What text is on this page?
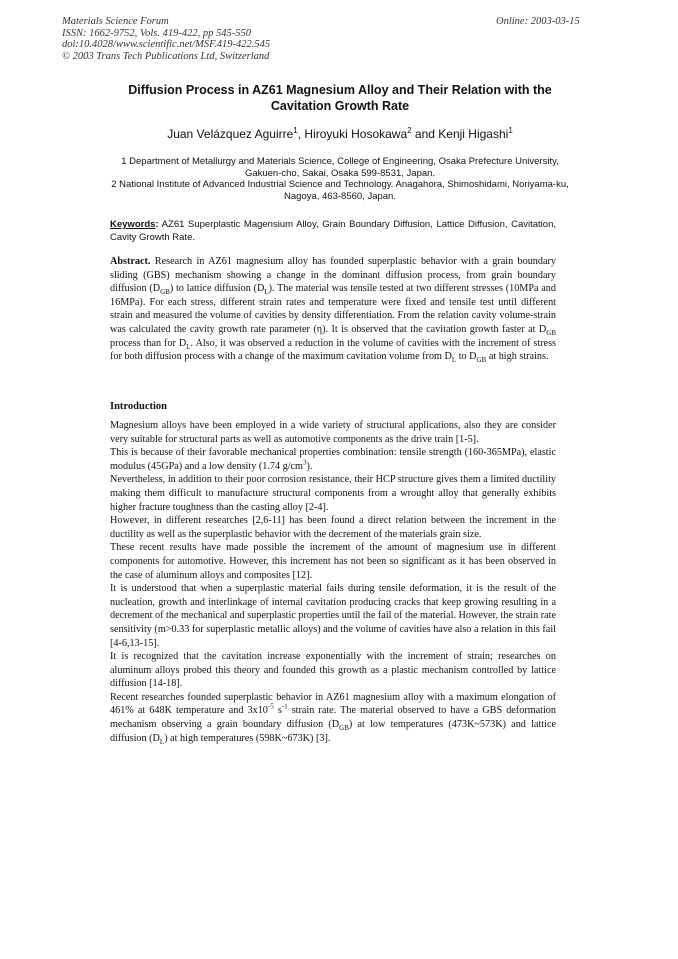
Materials Science Forum
ISSN: 1662-9752, Vols. 419-422, pp 545-550
doi:10.4028/www.scientific.net/MSF.419-422.545
© 2003 Trans Tech Publications Ltd, Switzerland
Online: 2003-03-15
Diffusion Process in AZ61 Magnesium Alloy and Their Relation with the Cavitation Growth Rate
Juan Velázquez Aguirre$^1$, Hiroyuki Hosokawa$^2$ and Kenji Higashi$^1$
1 Department of Metallurgy and Materials Science, College of Engineering, Osaka Prefecture University, Gakuen-cho, Sakai, Osaka 599-8531, Japan.
2 National Institute of Advanced Industrial Science and Technology. Anagahora, Shimoshidami, Noriyama-ku, Nagoya, 463-8560, Japan.
Keywords: AZ61 Superplastic Magensium Alloy, Grain Boundary Diffusion, Lattice Diffusion, Cavitation, Cavity Growth Rate.

Abstract. Research in AZ61 magnesium alloy has founded superplastic behavior with a grain boundary sliding (GBS) mechanism showing a change in the dominant diffusion process, from grain boundary diffusion $(D_{GB})$ to lattice diffusion $(D_L)$. The material was tensile tested at two different stresses (10MPa and 16MPa). For each stress, different strain rates and temperature were fixed and tensile test until different strain and measured the volume of cavities by density differentiation. From the relation cavity volume-strain was calculated the cavity growth rate parameter (η). It is observed that the cavitation growth faster at $D_{GB}$ process than for $D_L$. Also, it was observed a reduction in the volume of cavities with the increment of stress for both diffusion process with a change of the maximum cavitation volume from $D_L$ to $D_{GB}$ at high strains.

Introduction

Magnesium alloys have been employed in a wide variety of structural applications, also they are consider very suitable for structural parts as well as automotive components as the drive train [1-5].

This is because of their favorable mechanical properties combination: tensile strength (160-365MPa), elastic modulus (45GPa) and a low density (1.74 $g/cm^3$).

Nevertheless, in addition to their poor corrosion resistance, their HCP structure gives them a limited ductility making them difficult to manufacture structural components from a wrought alloy that generally exhibits higher fracture toughness than the casting alloy [2-4].

However, in different researches [2,6-11] has been found a direct relation between the increment in the ductility as well as the superplastic behavior with the decrement of the materials grain size.

These recent results have made possible the increment of the amount of magnesium use in different components for automotive. However, this increment has not been so significant as it has been observed in the case of aluminum alloys and composites [12].

It is understood that when a superplastic material fails during tensile deformation, it is the result of the nucleation, growth and interlinkage of internal cavitation producing cracks that keep growing resulting in a decrement of the mechanical and superplastic properties until the fail of the material. However, the strain rate sensitivity (m>0.33 for superplastic metallic alloys) and the volume of cavities have also a relation in this fail [4-6,13-15].

It is recognized that the cavitation increase exponentially with the increment of strain; researches on aluminum alloys probed this theory and founded this growth as a plastic mechanism controlled by lattice diffusion [14-18].

Recent researches founded superplastic behavior in AZ61 magnesium alloy with a maximum elongation of 461% at 648K temperature and $3x10^{-5}$ $s^{-1}$ strain rate. The material observed to have a GBS deformation mechanism observing a grain boundary diffusion $(D_{GB})$ at low temperatures (473K~573K) and lattice diffusion $(D_L)$ at high temperatures (598K~673K) [3].
